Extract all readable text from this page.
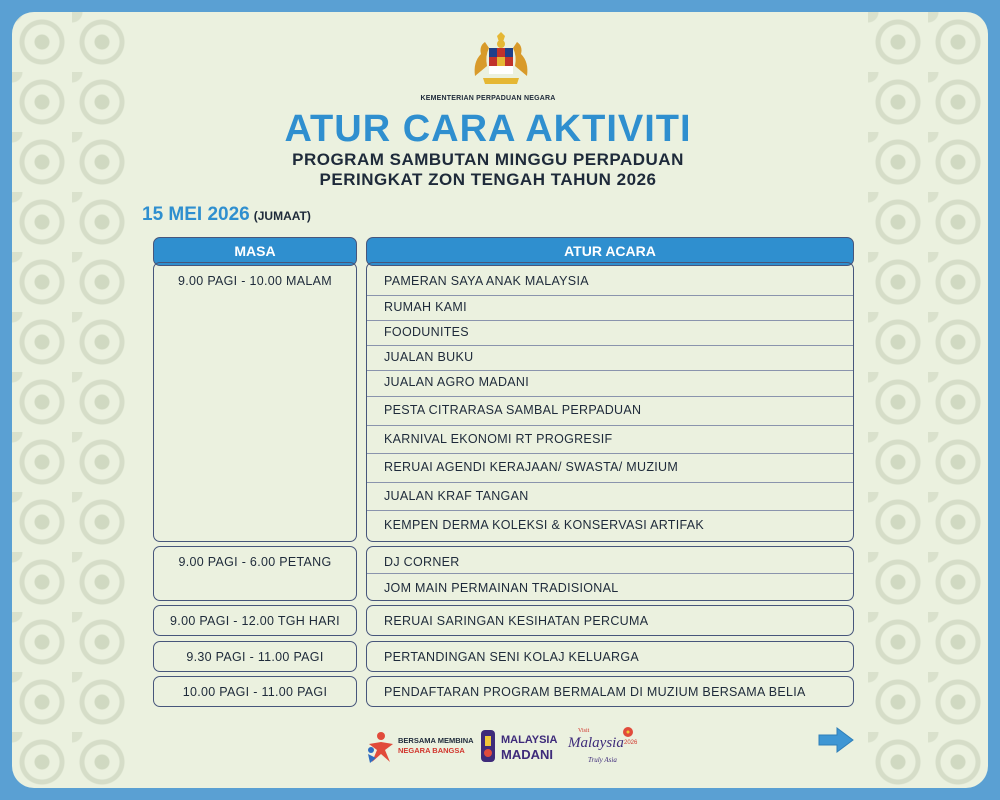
KEMENTERIAN PERPADUAN NEGARA
ATUR CARA AKTIVITI
PROGRAM SAMBUTAN MINGGU PERPADUAN
PERINGKAT ZON TENGAH TAHUN 2026
15 MEI 2026 (JUMAAT)
MASA	ATUR ACARA
9.00 PAGI - 10.00 MALAM	PAMERAN SAYA ANAK MALAYSIA
RUMAH KAMI
FOODUNITES
JUALAN BUKU
JUALAN AGRO MADANI
PESTA CITRARASA SAMBAL PERPADUAN
KARNIVAL EKONOMI RT PROGRESIF
RERUAI AGENDI KERAJAAN/ SWASTA/ MUZIUM
JUALAN KRAF TANGAN
KEMPEN DERMA KOLEKSI & KONSERVASI ARTIFAK
9.00 PAGI - 6.00 PETANG	DJ CORNER
JOM MAIN PERMAINAN TRADISIONAL
9.00 PAGI - 12.00 TGH HARI	RERUAI SARINGAN KESIHATAN PERCUMA
9.30 PAGI - 11.00 PAGI	PERTANDINGAN SENI KOLAJ KELUARGA
10.00 PAGI - 11.00 PAGI	PENDAFTARAN PROGRAM BERMALAM DI MUZIUM BERSAMA BELIA
BERSAMA MEMBINA
NEGARA BANGSA
MALAYSIA
MADANI
Visit
Malaysia 2026
Truly Asia
